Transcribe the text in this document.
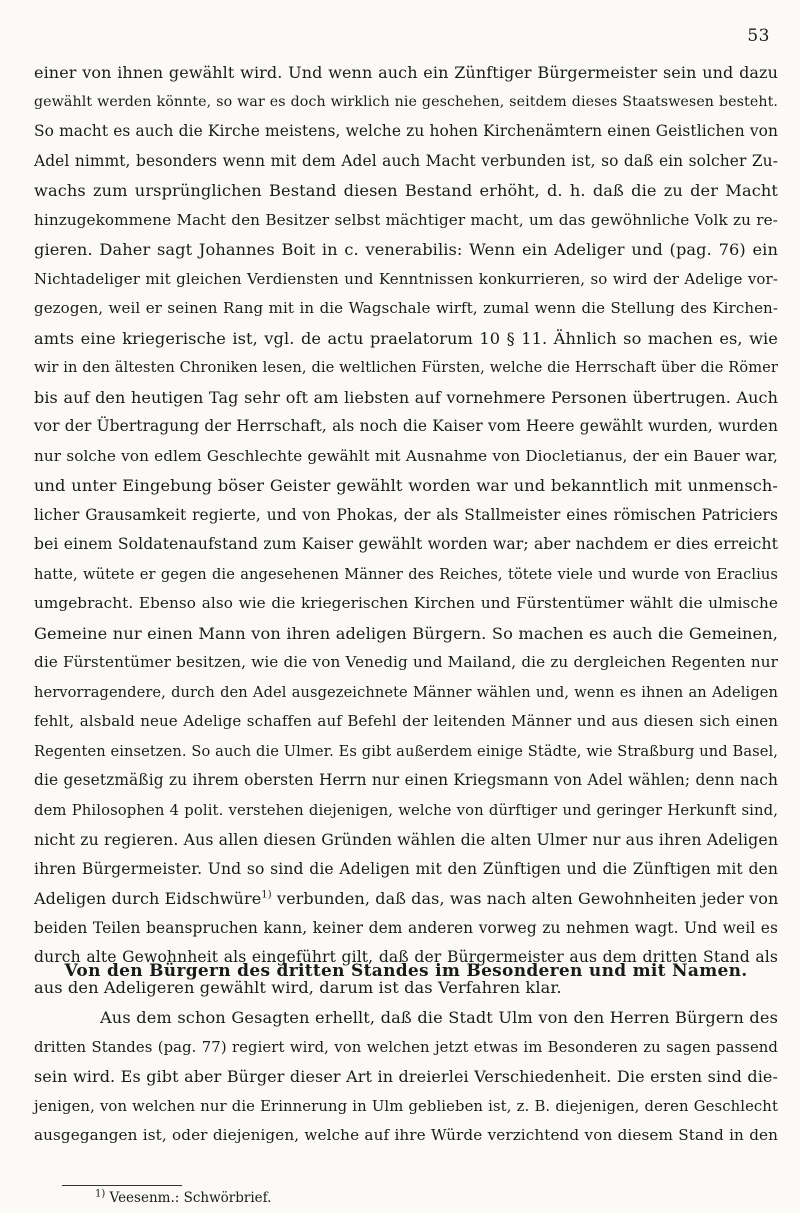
53
einer von ihnen gewählt wird. Und wenn auch ein Zünftiger Bürgermeister sein und dazu
gewählt werden könnte, so war es doch wirklich nie geschehen, seitdem dieses Staatswesen besteht.
So macht es auch die Kirche meistens, welche zu hohen Kirchenämtern einen Geistlichen von
Adel nimmt, besonders wenn mit dem Adel auch Macht verbunden ist, so daß ein solcher Zu-
wachs zum ursprünglichen Bestand diesen Bestand erhöht, d. h. daß die zu der Macht
hinzugekommene Macht den Besitzer selbst mächtiger macht, um das gewöhnliche Volk zu re-
gieren. Daher sagt Johannes Boit in c. venerabilis: Wenn ein Adeliger und (pag. 76) ein
Nichtadeliger mit gleichen Verdiensten und Kenntnissen konkurrieren, so wird der Adelige vor-
gezogen, weil er seinen Rang mit in die Wagschale wirft, zumal wenn die Stellung des Kirchen-
amts eine kriegerische ist, vgl. de actu praelatorum 10 § 11. Ähnlich so machen es, wie
wir in den ältesten Chroniken lesen, die weltlichen Fürsten, welche die Herrschaft über die Römer
bis auf den heutigen Tag sehr oft am liebsten auf vornehmere Personen übertrugen. Auch
vor der Übertragung der Herrschaft, als noch die Kaiser vom Heere gewählt wurden, wurden
nur solche von edlem Geschlechte gewählt mit Ausnahme von Diocletianus, der ein Bauer war,
und unter Eingebung böser Geister gewählt worden war und bekanntlich mit unmensch-
licher Grausamkeit regierte, und von Phokas, der als Stallmeister eines römischen Patriciers
bei einem Soldatenaufstand zum Kaiser gewählt worden war; aber nachdem er dies erreicht
hatte, wütete er gegen die angesehenen Männer des Reiches, tötete viele und wurde von Eraclius
umgebracht. Ebenso also wie die kriegerischen Kirchen und Fürstentümer wählt die ulmische
Gemeine nur einen Mann von ihren adeligen Bürgern. So machen es auch die Gemeinen,
die Fürstentümer besitzen, wie die von Venedig und Mailand, die zu dergleichen Regenten nur
hervorragendere, durch den Adel ausgezeichnete Männer wählen und, wenn es ihnen an Adeligen
fehlt, alsbald neue Adelige schaffen auf Befehl der leitenden Männer und aus diesen sich einen
Regenten einsetzen. So auch die Ulmer. Es gibt außerdem einige Städte, wie Straßburg und Basel,
die gesetzmäßig zu ihrem obersten Herrn nur einen Kriegsmann von Adel wählen; denn nach
dem Philosophen 4 polit. verstehen diejenigen, welche von dürftiger und geringer Herkunft sind,
nicht zu regieren. Aus allen diesen Gründen wählen die alten Ulmer nur aus ihren Adeligen
ihren Bürgermeister. Und so sind die Adeligen mit den Zünftigen und die Zünftigen mit den
Adeligen durch Eidschwüre$^{1)}$ verbunden, daß das, was nach alten Gewohnheiten jeder von
beiden Teilen beanspruchen kann, keiner dem anderen vorweg zu nehmen wagt. Und weil es
durch alte Gewohnheit als eingeführt gilt, daß der Bürgermeister aus dem dritten Stand als
aus den Adeligeren gewählt wird, darum ist das Verfahren klar.
Von den Bürgern des dritten Standes im Besonderen und mit Namen.
Aus dem schon Gesagten erhellt, daß die Stadt Ulm von den Herren Bürgern des
dritten Standes (pag. 77) regiert wird, von welchen jetzt etwas im Besonderen zu sagen passend
sein wird. Es gibt aber Bürger dieser Art in dreierlei Verschiedenheit. Die ersten sind die-
jenigen, von welchen nur die Erinnerung in Ulm geblieben ist, z. B. diejenigen, deren Geschlecht
ausgegangen ist, oder diejenigen, welche auf ihre Würde verzichtend von diesem Stand in den
$^{1)}$ Veesenm.: Schwörbrief.
